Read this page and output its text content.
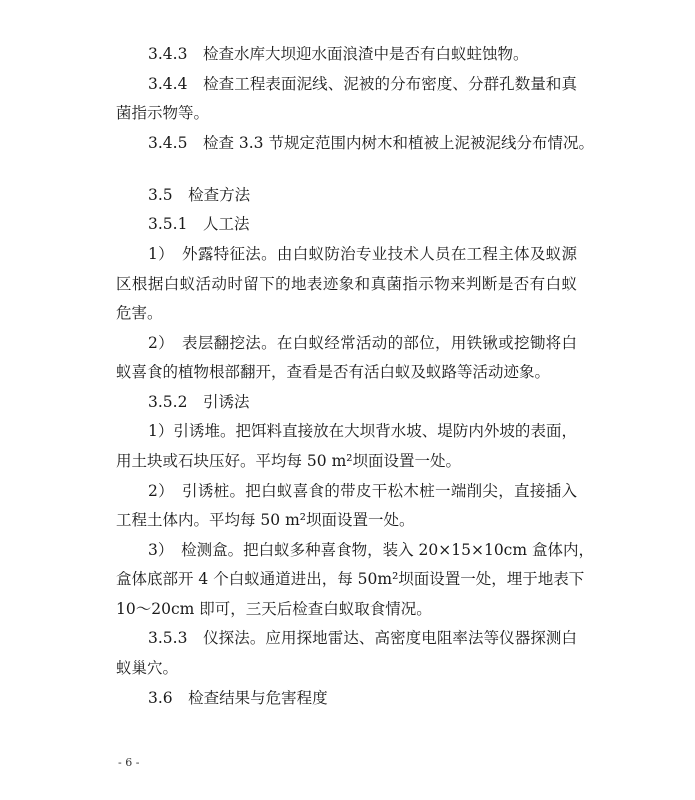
3.4.3　检查水库大坝迎水面浪渣中是否有白蚁蛀蚀物。
3.4.4　检查工程表面泥线、泥被的分布密度、分群孔数量和真
菌指示物等。
3.4.5　检查 3.3 节规定范围内树木和植被上泥被泥线分布情况。
3.5　检查方法
3.5.1　人工法
1）　外露特征法。由白蚁防治专业技术人员在工程主体及蚁源
区根据白蚁活动时留下的地表迹象和真菌指示物来判断是否有白蚁
危害。
2）　表层翻挖法。在白蚁经常活动的部位，用铁锹或挖锄将白
蚁喜食的植物根部翻开，查看是否有活白蚁及蚁路等活动迹象。
3.5.2　引诱法
1）引诱堆。把饵料直接放在大坝背水坡、堤防内外坡的表面，
用土块或石块压好。平均每 50 m²坝面设置一处。
2）　引诱桩。把白蚁喜食的带皮干松木桩一端削尖，直接插入
工程土体内。平均每 50 m²坝面设置一处。
3）　检测盒。把白蚁多种喜食物，装入 20×15×10cm 盒体内，
盒体底部开 4 个白蚁通道进出，每 50m²坝面设置一处，埋于地表下
10～20cm 即可，三天后检查白蚁取食情况。
3.5.3　仪探法。应用探地雷达、高密度电阻率法等仪器探测白
蚁巢穴。
3.6　检查结果与危害程度
- 6 -
